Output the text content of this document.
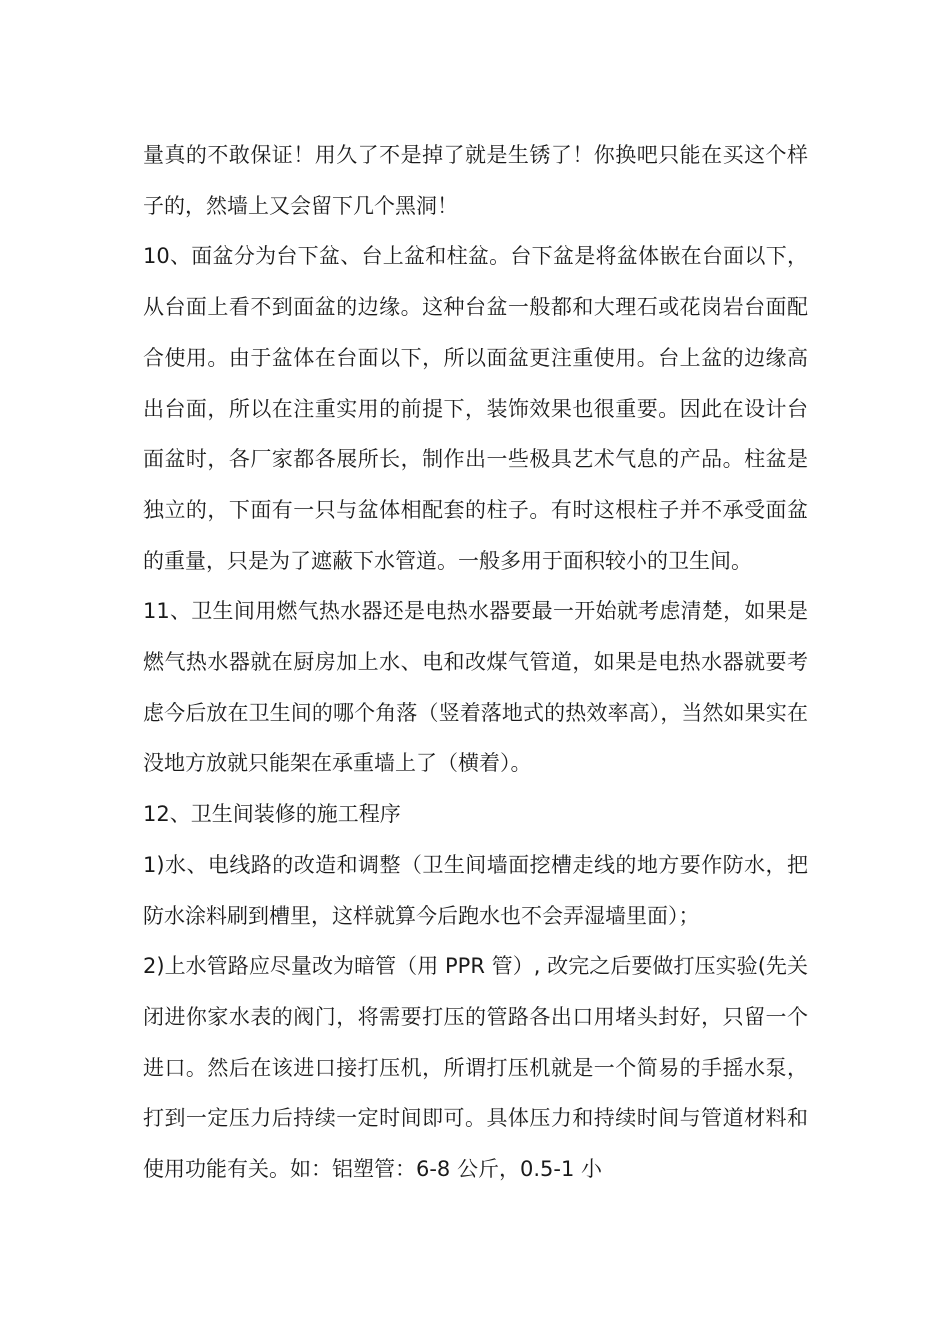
量真的不敢保证！用久了不是掉了就是生锈了！你换吧只能在买这个样子的，然墙上又会留下几个黑洞！

10、面盆分为台下盆、台上盆和柱盆。台下盆是将盆体嵌在台面以下，从台面上看不到面盆的边缘。这种台盆一般都和大理石或花岗岩台面配合使用。由于盆体在台面以下，所以面盆更注重使用。台上盆的边缘高出台面，所以在注重实用的前提下，装饰效果也很重要。因此在设计台面盆时，各厂家都各展所长，制作出一些极具艺术气息的产品。柱盆是独立的，下面有一只与盆体相配套的柱子。有时这根柱子并不承受面盆的重量，只是为了遮蔽下水管道。一般多用于面积较小的卫生间。

11、卫生间用燃气热水器还是电热水器要最一开始就考虑清楚，如果是燃气热水器就在厨房加上水、电和改煤气管道，如果是电热水器就要考虑今后放在卫生间的哪个角落（竖着落地式的热效率高），当然如果实在没地方放就只能架在承重墙上了（横着）。

12、卫生间装修的施工程序

1)水、电线路的改造和调整（卫生间墙面挖槽走线的地方要作防水，把防水涂料刷到槽里，这样就算今后跑水也不会弄湿墙里面）；

2)上水管路应尽量改为暗管（用 PPR 管）, 改完之后要做打压实验(先关闭进你家水表的阀门，将需要打压的管路各出口用堵头封好，只留一个进口。然后在该进口接打压机，所谓打压机就是一个简易的手摇水泵，打到一定压力后持续一定时间即可。具体压力和持续时间与管道材料和使用功能有关。如：铝塑管：6-8 公斤，0.5-1 小
